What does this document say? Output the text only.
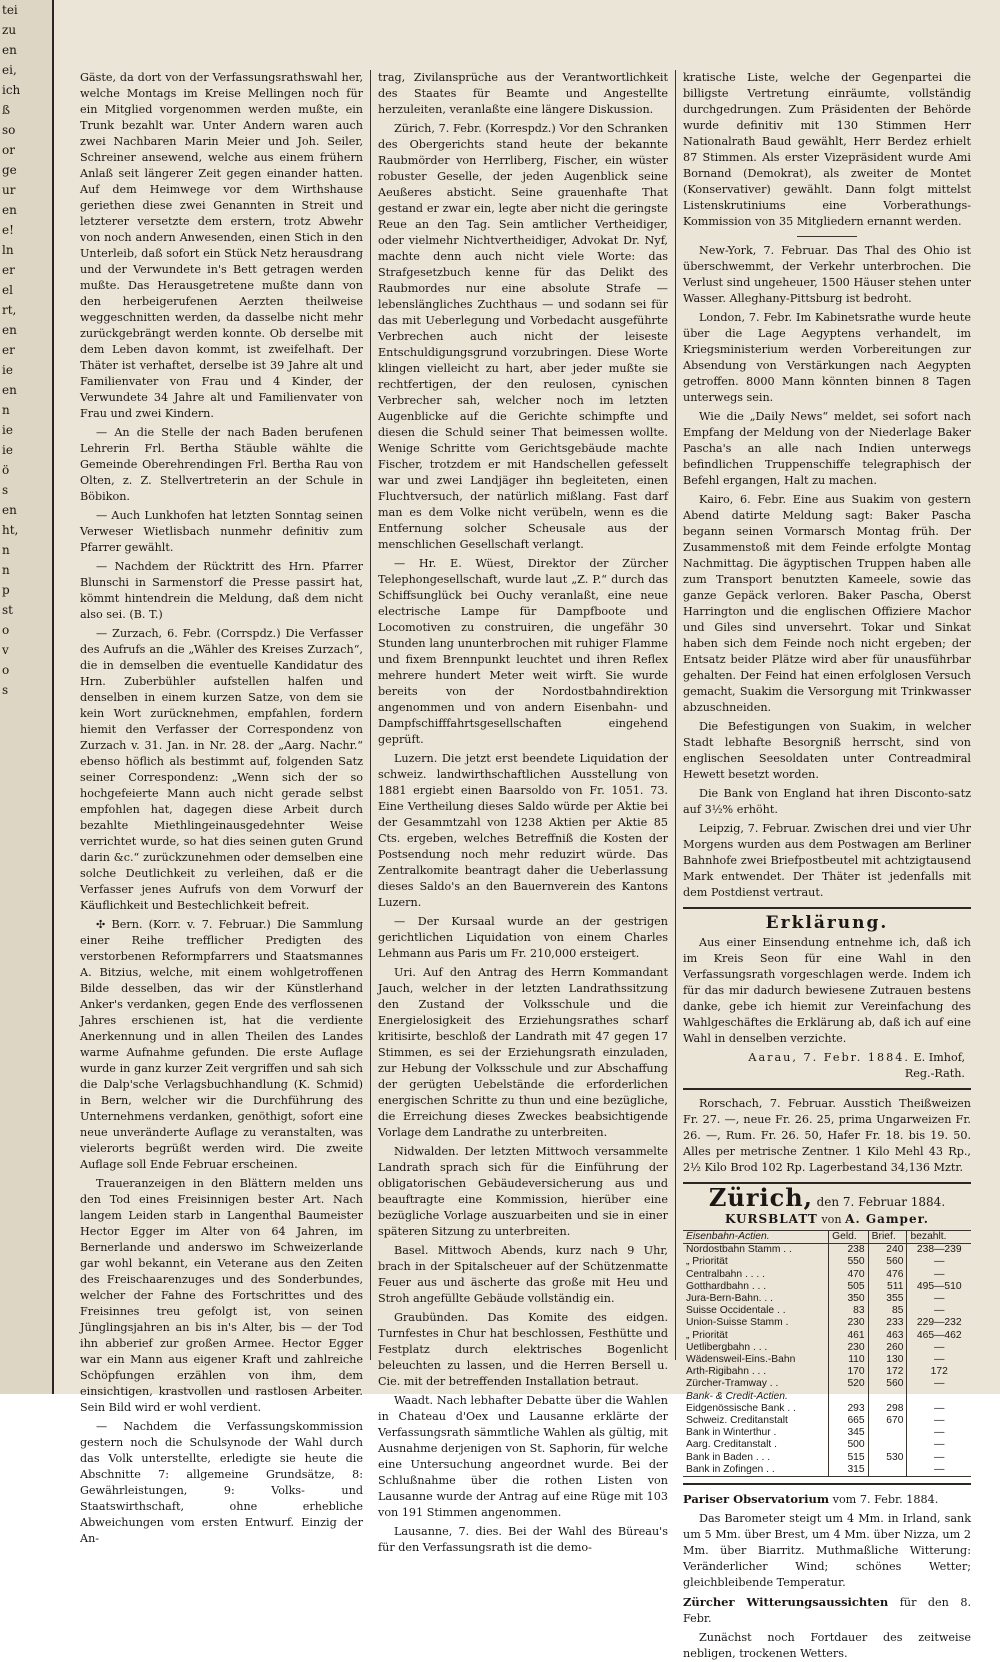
tei
zu
en
ei,
ich
ß
so
or
ge
ur
en
e!
ln
er
el
rt,
en
er
ie
en
n
ie
ie
ö
s
en
ht,
n
n
p
st
o
v
o
s

Gäste, da dort von der Verfassungsrathswahl her, welche Montags im Kreise Mellingen noch für ein Mitglied vorgenommen werden mußte, ein Trunk bezahlt war. Unter Andern waren auch zwei Nachbaren Marin Meier und Joh. Seiler, Schreiner ansewend, welche aus einem frühern Anlaß seit längerer Zeit gegen einander hatten. Auf dem Heimwege vor dem Wirthshause geriethen diese zwei Genannten in Streit und letzterer versetzte dem erstern, trotz Abwehr von noch andern Anwesenden, einen Stich in den Unterleib, daß sofort ein Stück Netz herausdrang und der Verwundete in's Bett getragen werden mußte. Das Herausgetretene mußte dann von den herbeigerufenen Aerzten theilweise weggeschnitten werden, da dasselbe nicht mehr zurückgebrängt werden konnte. Ob derselbe mit dem Leben davon kommt, ist zweifelhaft. Der Thäter ist verhaftet, derselbe ist 39 Jahre alt und Familienvater von Frau und 4 Kinder, der Verwundete 34 Jahre alt und Familienvater von Frau und zwei Kindern.

— An die Stelle der nach Baden berufenen Lehrerin Frl. Bertha Stäuble wählte die Gemeinde Oberehrendingen Frl. Bertha Rau von Olten, z. Z. Stellvertreterin an der Schule in Böbikon.

— Auch Lunkhofen hat letzten Sonntag seinen Verweser Wietlisbach nunmehr definitiv zum Pfarrer gewählt.

— Nachdem der Rücktritt des Hrn. Pfarrer Blunschi in Sarmenstorf die Presse passirt hat, kömmt hintendrein die Meldung, daß dem nicht also sei. (B. T.)

— Zurzach, 6. Febr. (Corrspdz.) Die Verfasser des Aufrufs an die „Wähler des Kreises Zurzach“, die in demselben die eventuelle Kandidatur des Hrn. Zuberbühler aufstellen halfen und denselben in einem kurzen Satze, von dem sie kein Wort zurücknehmen, empfahlen, fordern hiemit den Verfasser der Correspondenz von Zurzach v. 31. Jan. in Nr. 28. der „Aarg. Nachr.“ ebenso höflich als bestimmt auf, folgenden Satz seiner Correspondenz: „Wenn sich der so hochgefeierte Mann auch nicht gerade selbst empfohlen hat, dagegen diese Arbeit durch bezahlte Miethlingeinausgedehnter Weise verrichtet wurde, so hat dies seinen guten Grund darin &c.“ zurückzunehmen oder demselben eine solche Deutlichkeit zu verleihen, daß er die Verfasser jenes Aufrufs von dem Vorwurf der Käuflichkeit und Bestechlichkeit befreit.

✣ Bern. (Korr. v. 7. Februar.) Die Sammlung einer Reihe trefflicher Predigten des verstorbenen Reformpfarrers und Staatsmannes A. Bitzius, welche, mit einem wohlgetroffenen Bilde desselben, das wir der Künstlerhand Anker's verdanken, gegen Ende des verflossenen Jahres erschienen ist, hat die verdiente Anerkennung und in allen Theilen des Landes warme Aufnahme gefunden. Die erste Auflage wurde in ganz kurzer Zeit vergriffen und sah sich die Dalp'sche Verlagsbuchhandlung (K. Schmid) in Bern, welcher wir die Durchführung des Unternehmens verdanken, genöthigt, sofort eine neue unveränderte Auflage zu veranstalten, was vielerorts begrüßt werden wird. Die zweite Auflage soll Ende Februar erscheinen.

Traueranzeigen in den Blättern melden uns den Tod eines Freisinnigen bester Art. Nach langem Leiden starb in Langenthal Baumeister Hector Egger im Alter von 64 Jahren, im Bernerlande und anderswo im Schweizerlande gar wohl bekannt, ein Veterane aus den Zeiten des Freischaarenzuges und des Sonderbundes, welcher der Fahne des Fortschrittes und des Freisinnes treu gefolgt ist, von seinen Jünglingsjahren an bis in's Alter, bis — der Tod ihn abberief zur großen Armee. Hector Egger war ein Mann aus eigener Kraft und zahlreiche Schöpfungen erzählen von ihm, dem einsichtigen, krastvollen und rastlosen Arbeiter. Sein Bild wird er wohl verdient.

— Nachdem die Verfassungskommission gestern noch die Schulsynode der Wahl durch das Volk unterstellte, erledigte sie heute die Abschnitte 7: allgemeine Grundsätze, 8: Gewährleistungen, 9: Volks- und Staatswirthschaft, ohne erhebliche Abweichungen vom ersten Entwurf. Einzig der An-

trag, Zivilansprüche aus der Verantwortlichkeit des Staates für Beamte und Angestellte herzuleiten, veranlaßte eine längere Diskussion.

Zürich, 7. Febr. (Korrespdz.) Vor den Schranken des Obergerichts stand heute der bekannte Raubmörder von Herrliberg, Fischer, ein wüster robuster Geselle, der jeden Augenblick seine Aeußeres absticht. Seine grauenhafte That gestand er zwar ein, legte aber nicht die geringste Reue an den Tag. Sein amtlicher Vertheidiger, oder vielmehr Nichtvertheidiger, Advokat Dr. Nyf, machte denn auch nicht viele Worte: das Strafgesetzbuch kenne für das Delikt des Raubmordes nur eine absolute Strafe — lebenslängliches Zuchthaus — und sodann sei für das mit Ueberlegung und Vorbedacht ausgeführte Verbrechen auch nicht der leiseste Entschuldigungsgrund vorzubringen. Diese Worte klingen vielleicht zu hart, aber jeder mußte sie rechtfertigen, der den reulosen, cynischen Verbrecher sah, welcher noch im letzten Augenblicke auf die Gerichte schimpfte und diesen die Schuld seiner That beimessen wollte. Wenige Schritte vom Gerichtsgebäude machte Fischer, trotzdem er mit Handschellen gefesselt war und zwei Landjäger ihn begleiteten, einen Fluchtversuch, der natürlich mißlang. Fast darf man es dem Volke nicht verübeln, wenn es die Entfernung solcher Scheusale aus der menschlichen Gesellschaft verlangt.

— Hr. E. Wüest, Direktor der Zürcher Telephongesellschaft, wurde laut „Z. P.“ durch das Schiffsunglück bei Ouchy veranlaßt, eine neue electrische Lampe für Dampfboote und Locomotiven zu construiren, die ungefähr 30 Stunden lang ununterbrochen mit ruhiger Flamme und fixem Brennpunkt leuchtet und ihren Reflex mehrere hundert Meter weit wirft. Sie wurde bereits von der Nordostbahndirektion angenommen und von andern Eisenbahn- und Dampfschifffahrtsgesellschaften eingehend geprüft.

Luzern. Die jetzt erst beendete Liquidation der schweiz. landwirthschaftlichen Ausstellung von 1881 ergiebt einen Baarsoldo von Fr. 1051. 73. Eine Vertheilung dieses Saldo würde per Aktie bei der Gesammtzahl von 1238 Aktien per Aktie 85 Cts. ergeben, welches Betreffniß die Kosten der Postsendung noch mehr reduzirt würde. Das Zentralkomite beantragt daher die Ueberlassung dieses Saldo's an den Bauernverein des Kantons Luzern.

— Der Kursaal wurde an der gestrigen gerichtlichen Liquidation von einem Charles Lehmann aus Paris um Fr. 210,000 ersteigert.

Uri. Auf den Antrag des Herrn Kommandant Jauch, welcher in der letzten Landrathssitzung den Zustand der Volksschule und die Energielosigkeit des Erziehungsrathes scharf kritisirte, beschloß der Landrath mit 47 gegen 17 Stimmen, es sei der Erziehungsrath einzuladen, zur Hebung der Volksschule und zur Abschaffung der gerügten Uebelstände die erforderlichen energischen Schritte zu thun und eine bezügliche, die Erreichung dieses Zweckes beabsichtigende Vorlage dem Landrathe zu unterbreiten.

Nidwalden. Der letzten Mittwoch versammelte Landrath sprach sich für die Einführung der obligatorischen Gebäudeversicherung aus und beauftragte eine Kommission, hierüber eine bezügliche Vorlage auszuarbeiten und sie in einer späteren Sitzung zu unterbreiten.

Basel. Mittwoch Abends, kurz nach 9 Uhr, brach in der Spitalscheuer auf der Schützenmatte Feuer aus und äscherte das große mit Heu und Stroh angefüllte Gebäude vollständig ein.

Graubünden. Das Komite des eidgen. Turnfestes in Chur hat beschlossen, Festhütte und Festplatz durch elektrisches Bogenlicht beleuchten zu lassen, und die Herren Bersell u. Cie. mit der betreffenden Installation betraut.

Waadt. Nach lebhafter Debatte über die Wahlen in Chateau d'Oex und Lausanne erklärte der Verfassungsrath sämmtliche Wahlen als gültig, mit Ausnahme derjenigen von St. Saphorin, für welche eine Untersuchung angeordnet wurde. Bei der Schlußnahme über die rothen Listen von Lausanne wurde der Antrag auf eine Rüge mit 103 von 191 Stimmen angenommen.

Lausanne, 7. dies. Bei der Wahl des Büreau's für den Verfassungsrath ist die demo-

kratische Liste, welche der Gegenpartei die billigste Vertretung einräumte, vollständig durchgedrungen. Zum Präsidenten der Behörde wurde definitiv mit 130 Stimmen Herr Nationalrath Baud gewählt, Herr Berdez erhielt 87 Stimmen. Als erster Vizepräsident wurde Ami Bornand (Demokrat), als zweiter de Montet (Konservativer) gewählt. Dann folgt mittelst Listenskrutiniums eine Vorberathungs-Kommission von 35 Mitgliedern ernannt werden.

New-York, 7. Februar. Das Thal des Ohio ist überschwemmt, der Verkehr unterbrochen. Die Verlust sind ungeheuer, 1500 Häuser stehen unter Wasser. Alleghany-Pittsburg ist bedroht.

London, 7. Febr. Im Kabinetsrathe wurde heute über die Lage Aegyptens verhandelt, im Kriegsministerium werden Vorbereitungen zur Absendung von Verstärkungen nach Aegypten getroffen. 8000 Mann könnten binnen 8 Tagen unterwegs sein.

Wie die „Daily News“ meldet, sei sofort nach Empfang der Meldung von der Niederlage Baker Pascha's an alle nach Indien unterwegs befindlichen Truppenschiffe telegraphisch der Befehl ergangen, Halt zu machen.

Kairo, 6. Febr. Eine aus Suakim von gestern Abend datirte Meldung sagt: Baker Pascha begann seinen Vormarsch Montag früh. Der Zusammenstoß mit dem Feinde erfolgte Montag Nachmittag. Die ägyptischen Truppen haben alle zum Transport benutzten Kameele, sowie das ganze Gepäck verloren. Baker Pascha, Oberst Harrington und die englischen Offiziere Machor und Giles sind unversehrt. Tokar und Sinkat haben sich dem Feinde noch nicht ergeben; der Entsatz beider Plätze wird aber für unausführbar gehalten. Der Feind hat einen erfolglosen Versuch gemacht, Suakim die Versorgung mit Trinkwasser abzuschneiden.

Die Befestigungen von Suakim, in welcher Stadt lebhafte Besorgniß herrscht, sind von englischen Seesoldaten unter Contreadmiral Hewett besetzt worden.

Die Bank von England hat ihren Disconto-satz auf 3½% erhöht.

Leipzig, 7. Februar. Zwischen drei und vier Uhr Morgens wurden aus dem Postwagen am Berliner Bahnhofe zwei Briefpostbeutel mit achtzigtausend Mark entwendet. Der Thäter ist jedenfalls mit dem Postdienst vertraut.

Erklärung.

Aus einer Einsendung entnehme ich, daß ich im Kreis Seon für eine Wahl in den Verfassungsrath vorgeschlagen werde. Indem ich für das mir dadurch bewiesene Zutrauen bestens danke, gebe ich hiemit zur Vereinfachung des Wahlgeschäftes die Erklärung ab, daß ich auf eine Wahl in denselben verzichte.

Aarau, 7. Febr. 1884. E. Imhof,
Reg.-Rath.

Rorschach, 7. Februar. Ausstich Theißweizen Fr. 27. —, neue Fr. 26. 25, prima Ungarweizen Fr. 26. —, Rum. Fr. 26. 50, Hafer Fr. 18. bis 19. 50. Alles per metrische Zentner. 1 Kilo Mehl 43 Rp., 2½ Kilo Brod 102 Rp. Lagerbestand 34,136 Mztr.

Zürich, den 7. Februar 1884.
KURSBLATT von A. Gamper.
Eisenbahn-Actien.	Geld.	Brief.	bezahlt.
Nordostbahn Stamm . .	238	240	238—239
„ Priorität	550	560	—
Centralbahn . . . .	470	476	—
Gotthardbahn . . .	505	511	495—510
Jura-Bern-Bahn. . .	350	355	—
Suisse Occidentale . .	83	85	—
Union-Suisse Stamm .	230	233	229—232
„ Priorität	461	463	465—462
Uetlibergbahn . . .	230	260	—
Wädensweil-Eins.-Bahn	110	130	—
Arth-Rigibahn . . .	170	172	172
Zürcher-Tramway . .	520	560	—
Bank- & Credit-Actien.			
Eidgenössische Bank . .	293	298	—
Schweiz. Creditanstalt	665	670	—
Bank in Winterthur .	345		—
Aarg. Creditanstalt .	500		—
Bank in Baden . . .	515	530	—
Bank in Zofingen . .	315		—

Pariser Observatorium vom 7. Febr. 1884.

Das Barometer steigt um 4 Mm. in Irland, sank um 5 Mm. über Brest, um 4 Mm. über Nizza, um 2 Mm. über Biarritz. Muthmaßliche Witterung: Veränderlicher Wind; schönes Wetter; gleichbleibende Temperatur.

Zürcher Witterungsaussichten für den 8. Febr.

Zunächst noch Fortdauer des zeitweise nebligen, trockenen Wetters.
